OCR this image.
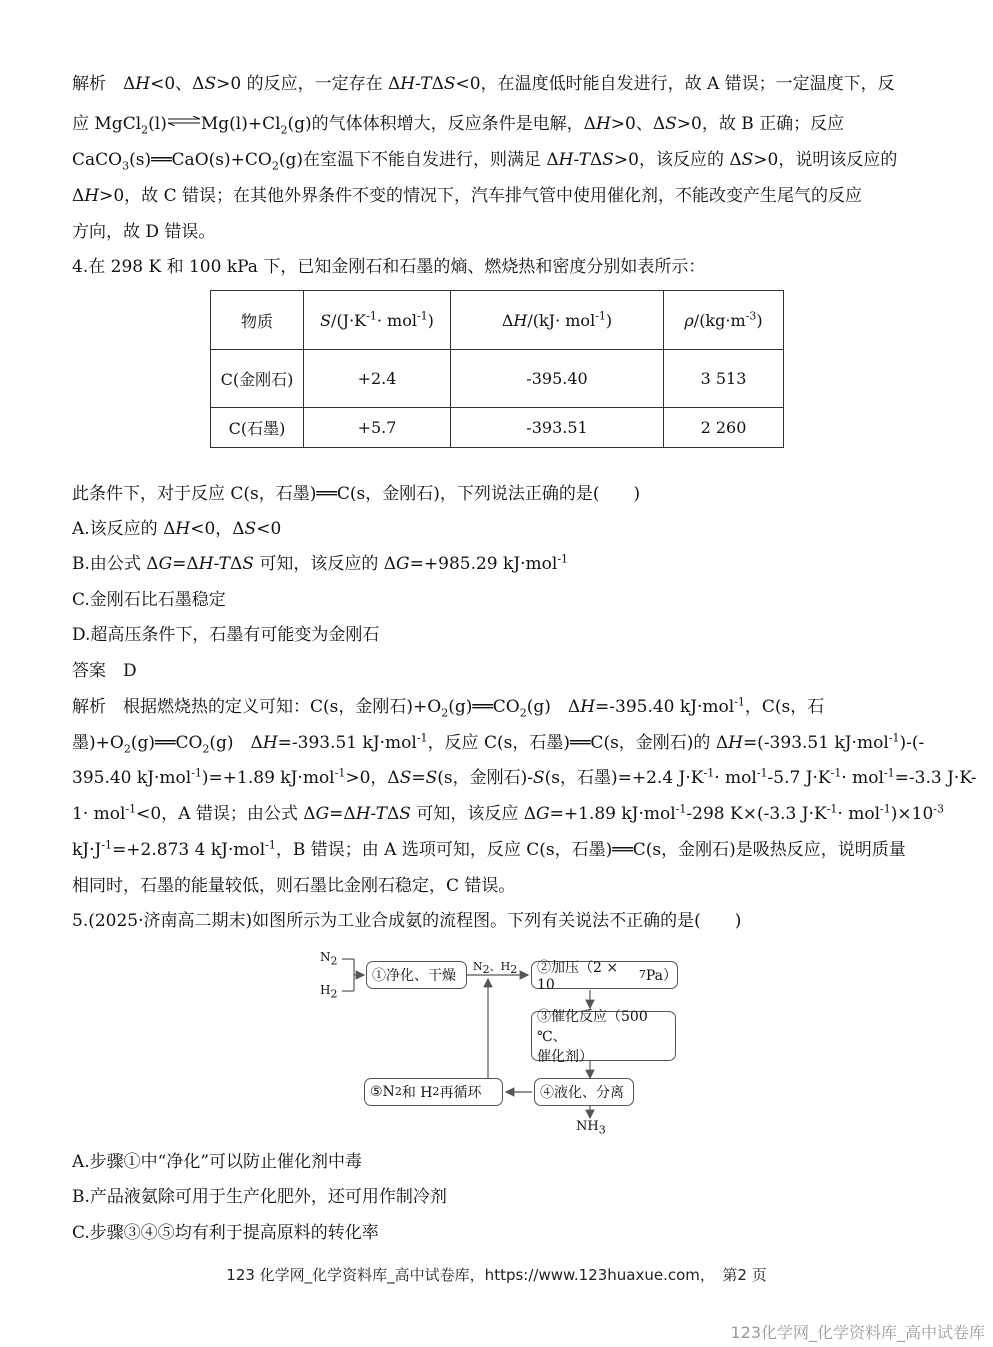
解析　ΔH<0、ΔS>0 的反应，一定存在 ΔH-TΔS<0，在温度低时能自发进行，故 A 错误；一定温度下，反
应 $MgCl_2(l)\rightleftharpoons Mg(l)+Cl_2(g)$的气体体积增大，反应条件是电解，ΔH>0、ΔS>0，故 B 正确；反应
$CaCO_3(s)══CaO(s)+CO_2(g)$在室温下不能自发进行，则满足 ΔH-TΔS>0，该反应的 ΔS>0，说明该反应的
ΔH>0，故 C 错误；在其他外界条件不变的情况下，汽车排气管中使用催化剂，不能改变产生尾气的反应
方向，故 D 错误。
4.在 298 K 和 100 kPa 下，已知金刚石和石墨的熵、燃烧热和密度分别如表所示：
物质	$S/(J\cdot K^{-1}\cdot mol^{-1})$	ΔH/(kJ· mol$^{-1}$)	$\rho/(kg\cdot m^{-3})$
C(金刚石)	+2.4	-395.40	3 513
C(石墨)	+5.7	-393.51	2 260
此条件下，对于反应 C(s，石墨)══C(s，金刚石)，下列说法正确的是(　　)
A.该反应的 ΔH<0，ΔS<0
B.由公式 ΔG=ΔH-TΔS 可知，该反应的 ΔG=+985.29 kJ·mol$^{-1}$
C.金刚石比石墨稳定
D.超高压条件下，石墨有可能变为金刚石
答案　D
解析　根据燃烧热的定义可知：C(s，金刚石)$+O_2(g)══CO_2(g)$　ΔH=-395.40 kJ·mol$^{-1}$，C(s，石
墨)$+O_2(g)══CO_2(g)$　ΔH=-393.51 kJ·mol$^{-1}$，反应 C(s，石墨)══C(s，金刚石)的 ΔH=(-393.51 kJ·mol$^{-1}$)-(-
395.40 kJ·mol$^{-1}$)=+1.89 kJ·mol$^{-1}$>0，ΔS=S(s，金刚石)-S(s，石墨)=+2.4 $J\cdot K^{-1}\cdot mol^{-1}-5.7$ $J\cdot K^{-1}\cdot mol^{-1}=-3.3$ J·K-
1· mol$^{-1}$<0，A 错误；由公式 ΔG=ΔH-TΔS 可知，该反应 ΔG=+1.89 kJ·mol$^{-1}$-298 K×(-3.3 $J\cdot K^{-1}\cdot mol^{-1})\times 10^{-3}$
$kJ\cdot J^{-1}=+2.873$ 4 kJ·mol$^{-1}$，B 错误；由 A 选项可知，反应 C(s，石墨)══C(s，金刚石)是吸热反应，说明质量
相同时，石墨的能量较低，则石墨比金刚石稳定，C 错误。
5.(2025·济南高二期末)如图所示为工业合成氨的流程图。下列有关说法不正确的是(　　)
$N_2$
$H_2$
①净化、干燥
$N_2$、$H_2$ ②加压（2 × 10
7 Pa）
③催化反应（500 ℃、
催化剂）
④液化、分离
⑤N 2 和 H 2 再循环
$NH_3$
A.步骤①中“净化”可以防止催化剂中毒
B.产品液氨除可用于生产化肥外，还可用作制冷剂
C.步骤③④⑤均有利于提高原料的转化率
123 化学网_化学资料库_高中试卷库，https://www.123huaxue.com，　第2 页
123化学网_化学资料库_高中试卷库
